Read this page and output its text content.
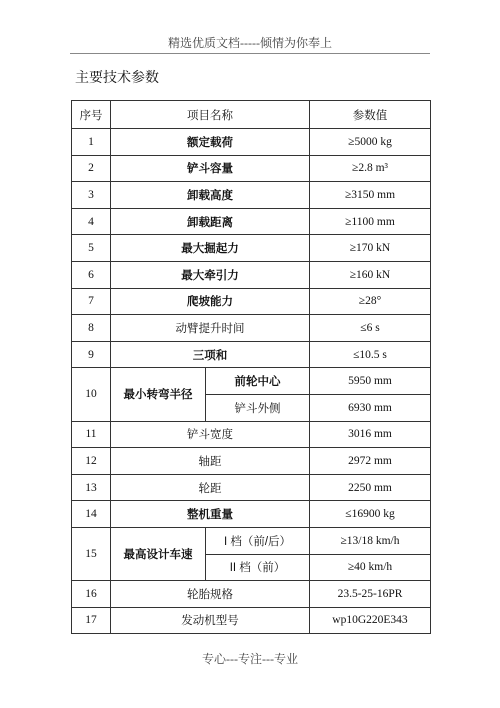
精选优质文档-----倾情为你奉上
主要技术参数
序号	项目名称		参数值
1	额定载荷		≥5000 kg
2	铲斗容量		≥2.8 m³
3	卸载高度		≥3150 mm
4	卸载距离		≥1100 mm
5	最大掘起力		≥170 kN
6	最大牵引力		≥160 kN
7	爬坡能力		≥28°
8	动臂提升时间		≤6 s
9	三项和		≤10.5 s
10	最小转弯半径	前轮中心	5950 mm
		铲斗外侧	6930 mm
11	铲斗宽度		3016 mm
12	轴距		2972 mm
13	轮距		2250 mm
14	整机重量		≤16900 kg
15	最高设计车速	I 档（前/后）	≥13/18 km/h
		II 档（前）	≥40 km/h
16	轮胎规格		23.5-25-16PR
17	发动机型号		wp10G220E343
专心---专注---专业
